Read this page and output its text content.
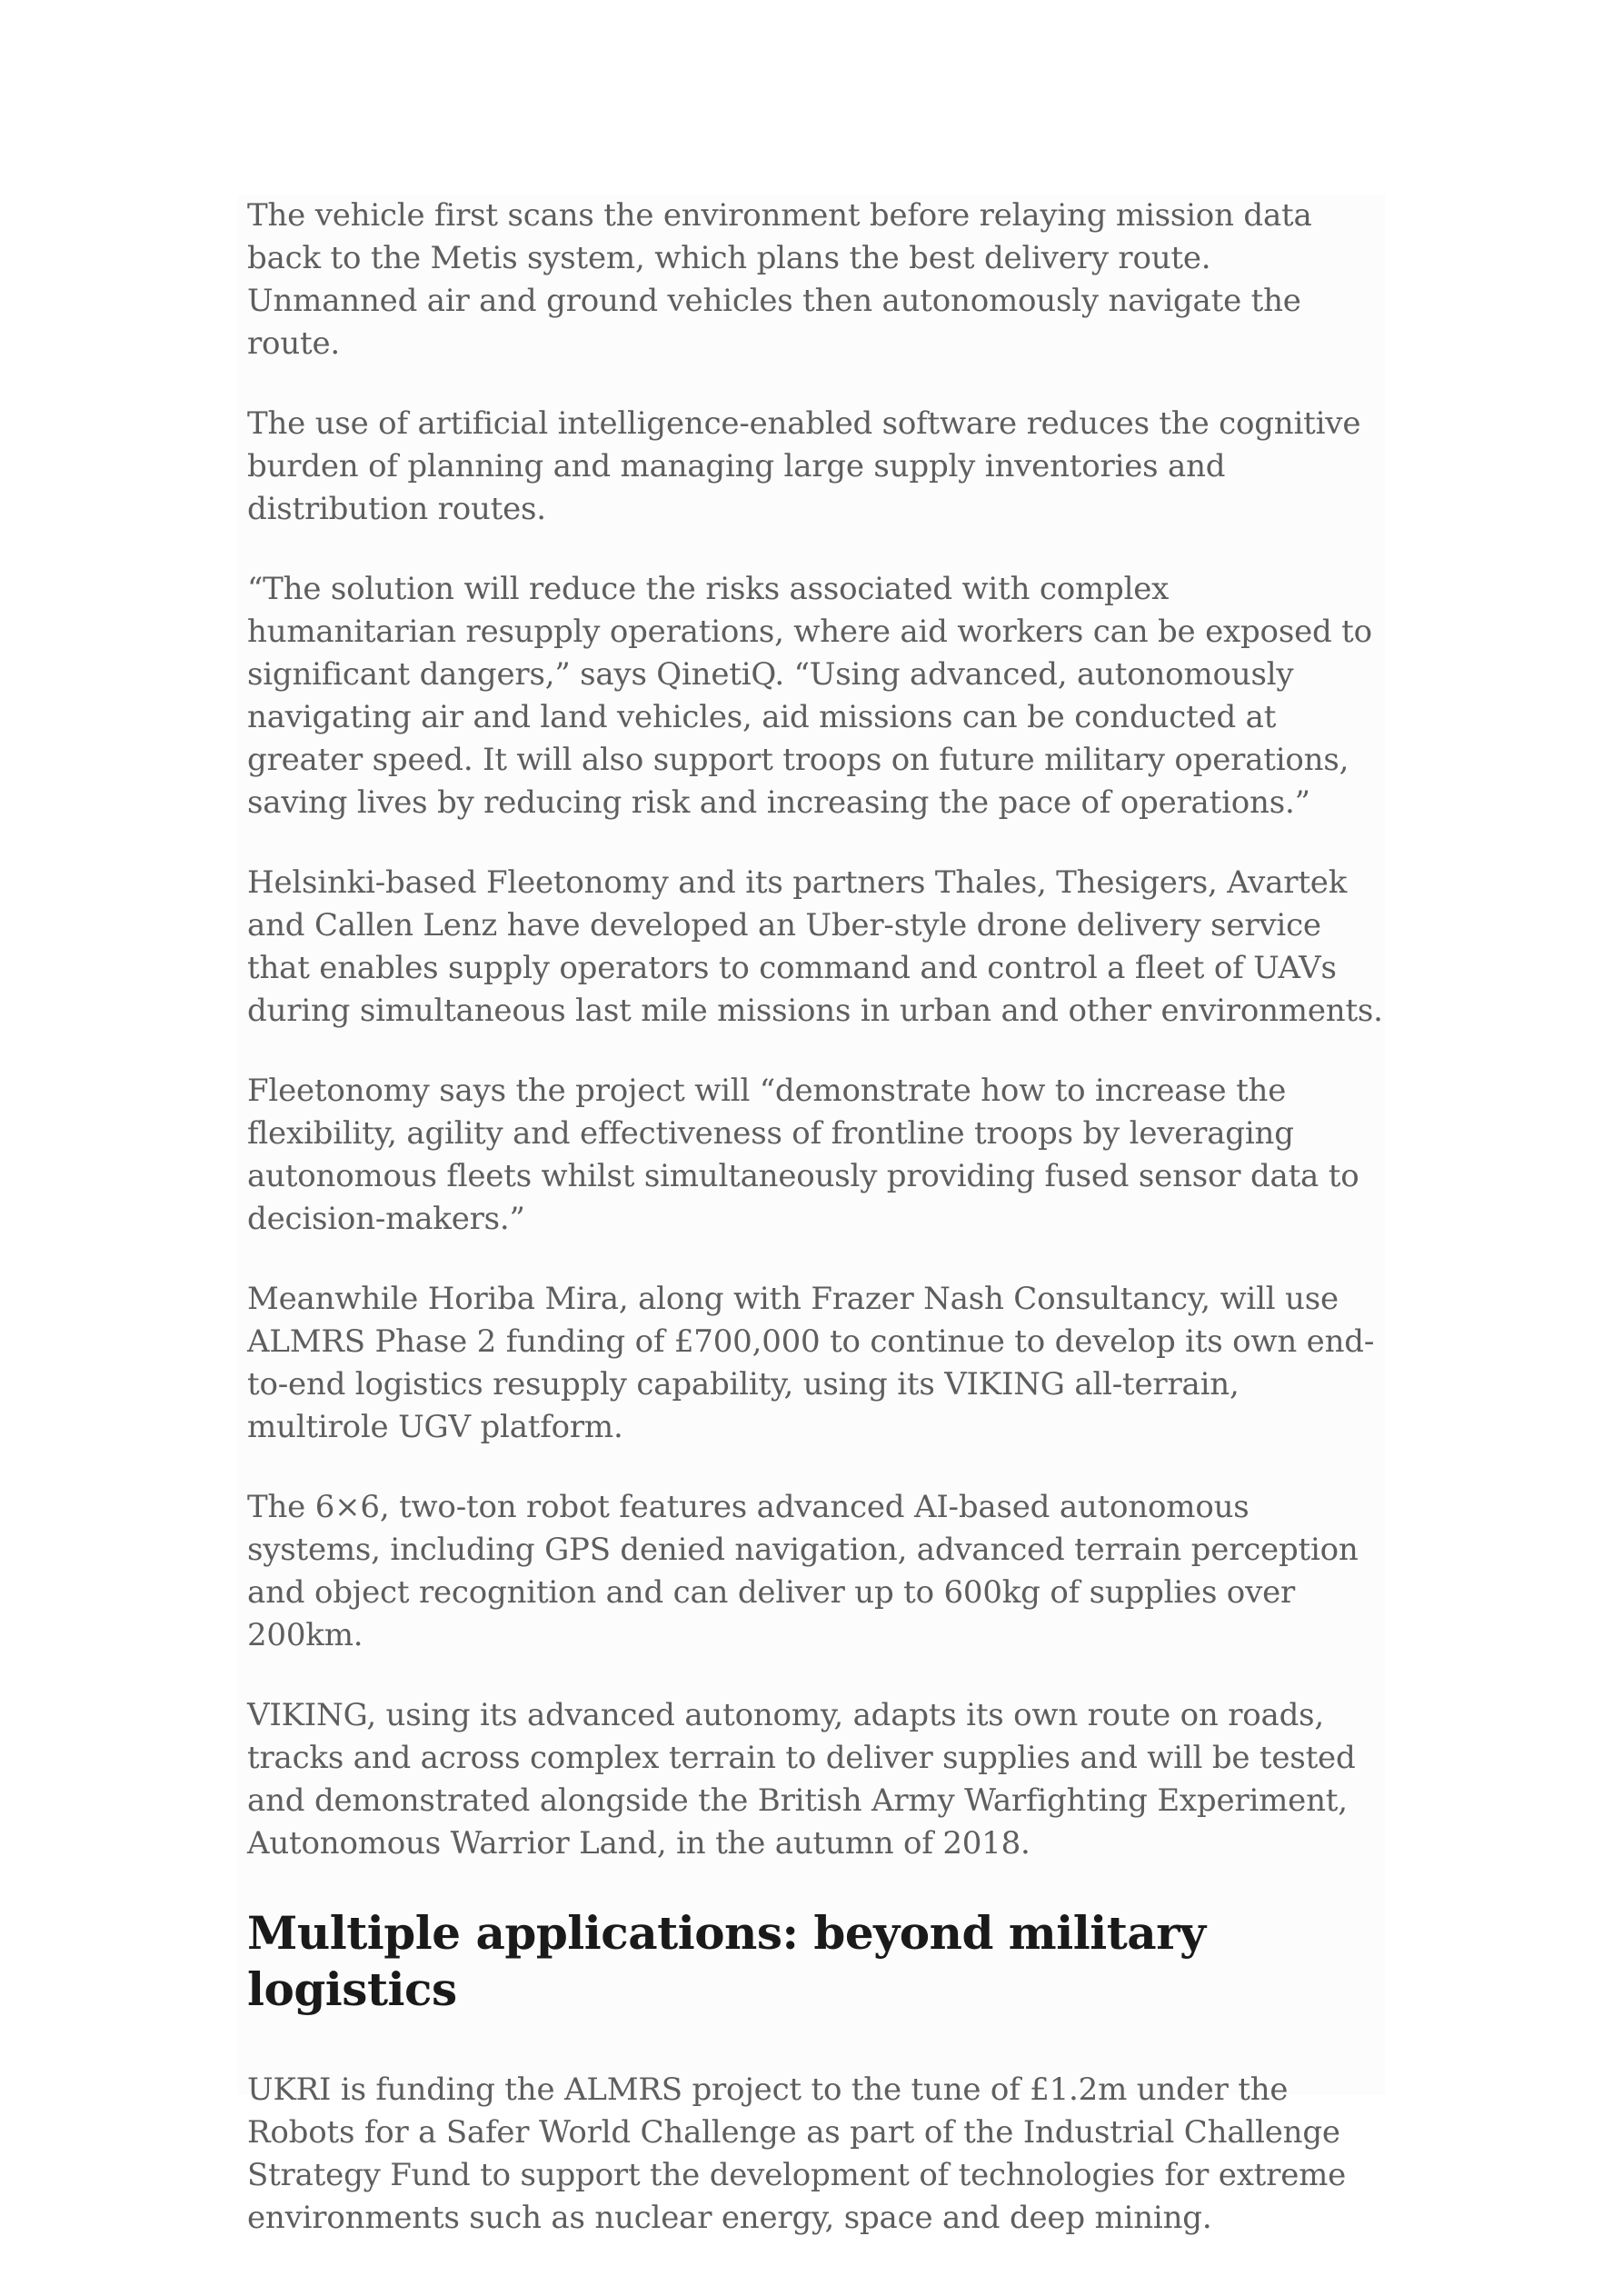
The vehicle first scans the environment before relaying mission data back to the Metis system, which plans the best delivery route. Unmanned air and ground vehicles then autonomously navigate the route.

The use of artificial intelligence-enabled software reduces the cognitive burden of planning and managing large supply inventories and distribution routes.

“The solution will reduce the risks associated with complex humanitarian resupply operations, where aid workers can be exposed to significant dangers,” says QinetiQ. “Using advanced, autonomously navigating air and land vehicles, aid missions can be conducted at greater speed. It will also support troops on future military operations, saving lives by reducing risk and increasing the pace of operations.”

Helsinki-based Fleetonomy and its partners Thales, Thesigers, Avartek and Callen Lenz have developed an Uber-style drone delivery service that enables supply operators to command and control a fleet of UAVs during simultaneous last mile missions in urban and other environments.

Fleetonomy says the project will “demonstrate how to increase the flexibility, agility and effectiveness of frontline troops by leveraging autonomous fleets whilst simultaneously providing fused sensor data to decision-makers.”

Meanwhile Horiba Mira, along with Frazer Nash Consultancy, will use ALMRS Phase 2 funding of £700,000 to continue to develop its own end-to-end logistics resupply capability, using its VIKING all-terrain, multirole UGV platform.

The 6×6, two-ton robot features advanced AI-based autonomous systems, including GPS denied navigation, advanced terrain perception and object recognition and can deliver up to 600kg of supplies over 200km.

VIKING, using its advanced autonomy, adapts its own route on roads, tracks and across complex terrain to deliver supplies and will be tested and demonstrated alongside the British Army Warfighting Experiment, Autonomous Warrior Land, in the autumn of 2018.

Multiple applications: beyond military logistics

UKRI is funding the ALMRS project to the tune of £1.2m under the Robots for a Safer World Challenge as part of the Industrial Challenge Strategy Fund to support the development of technologies for extreme environments such as nuclear energy, space and deep mining.
